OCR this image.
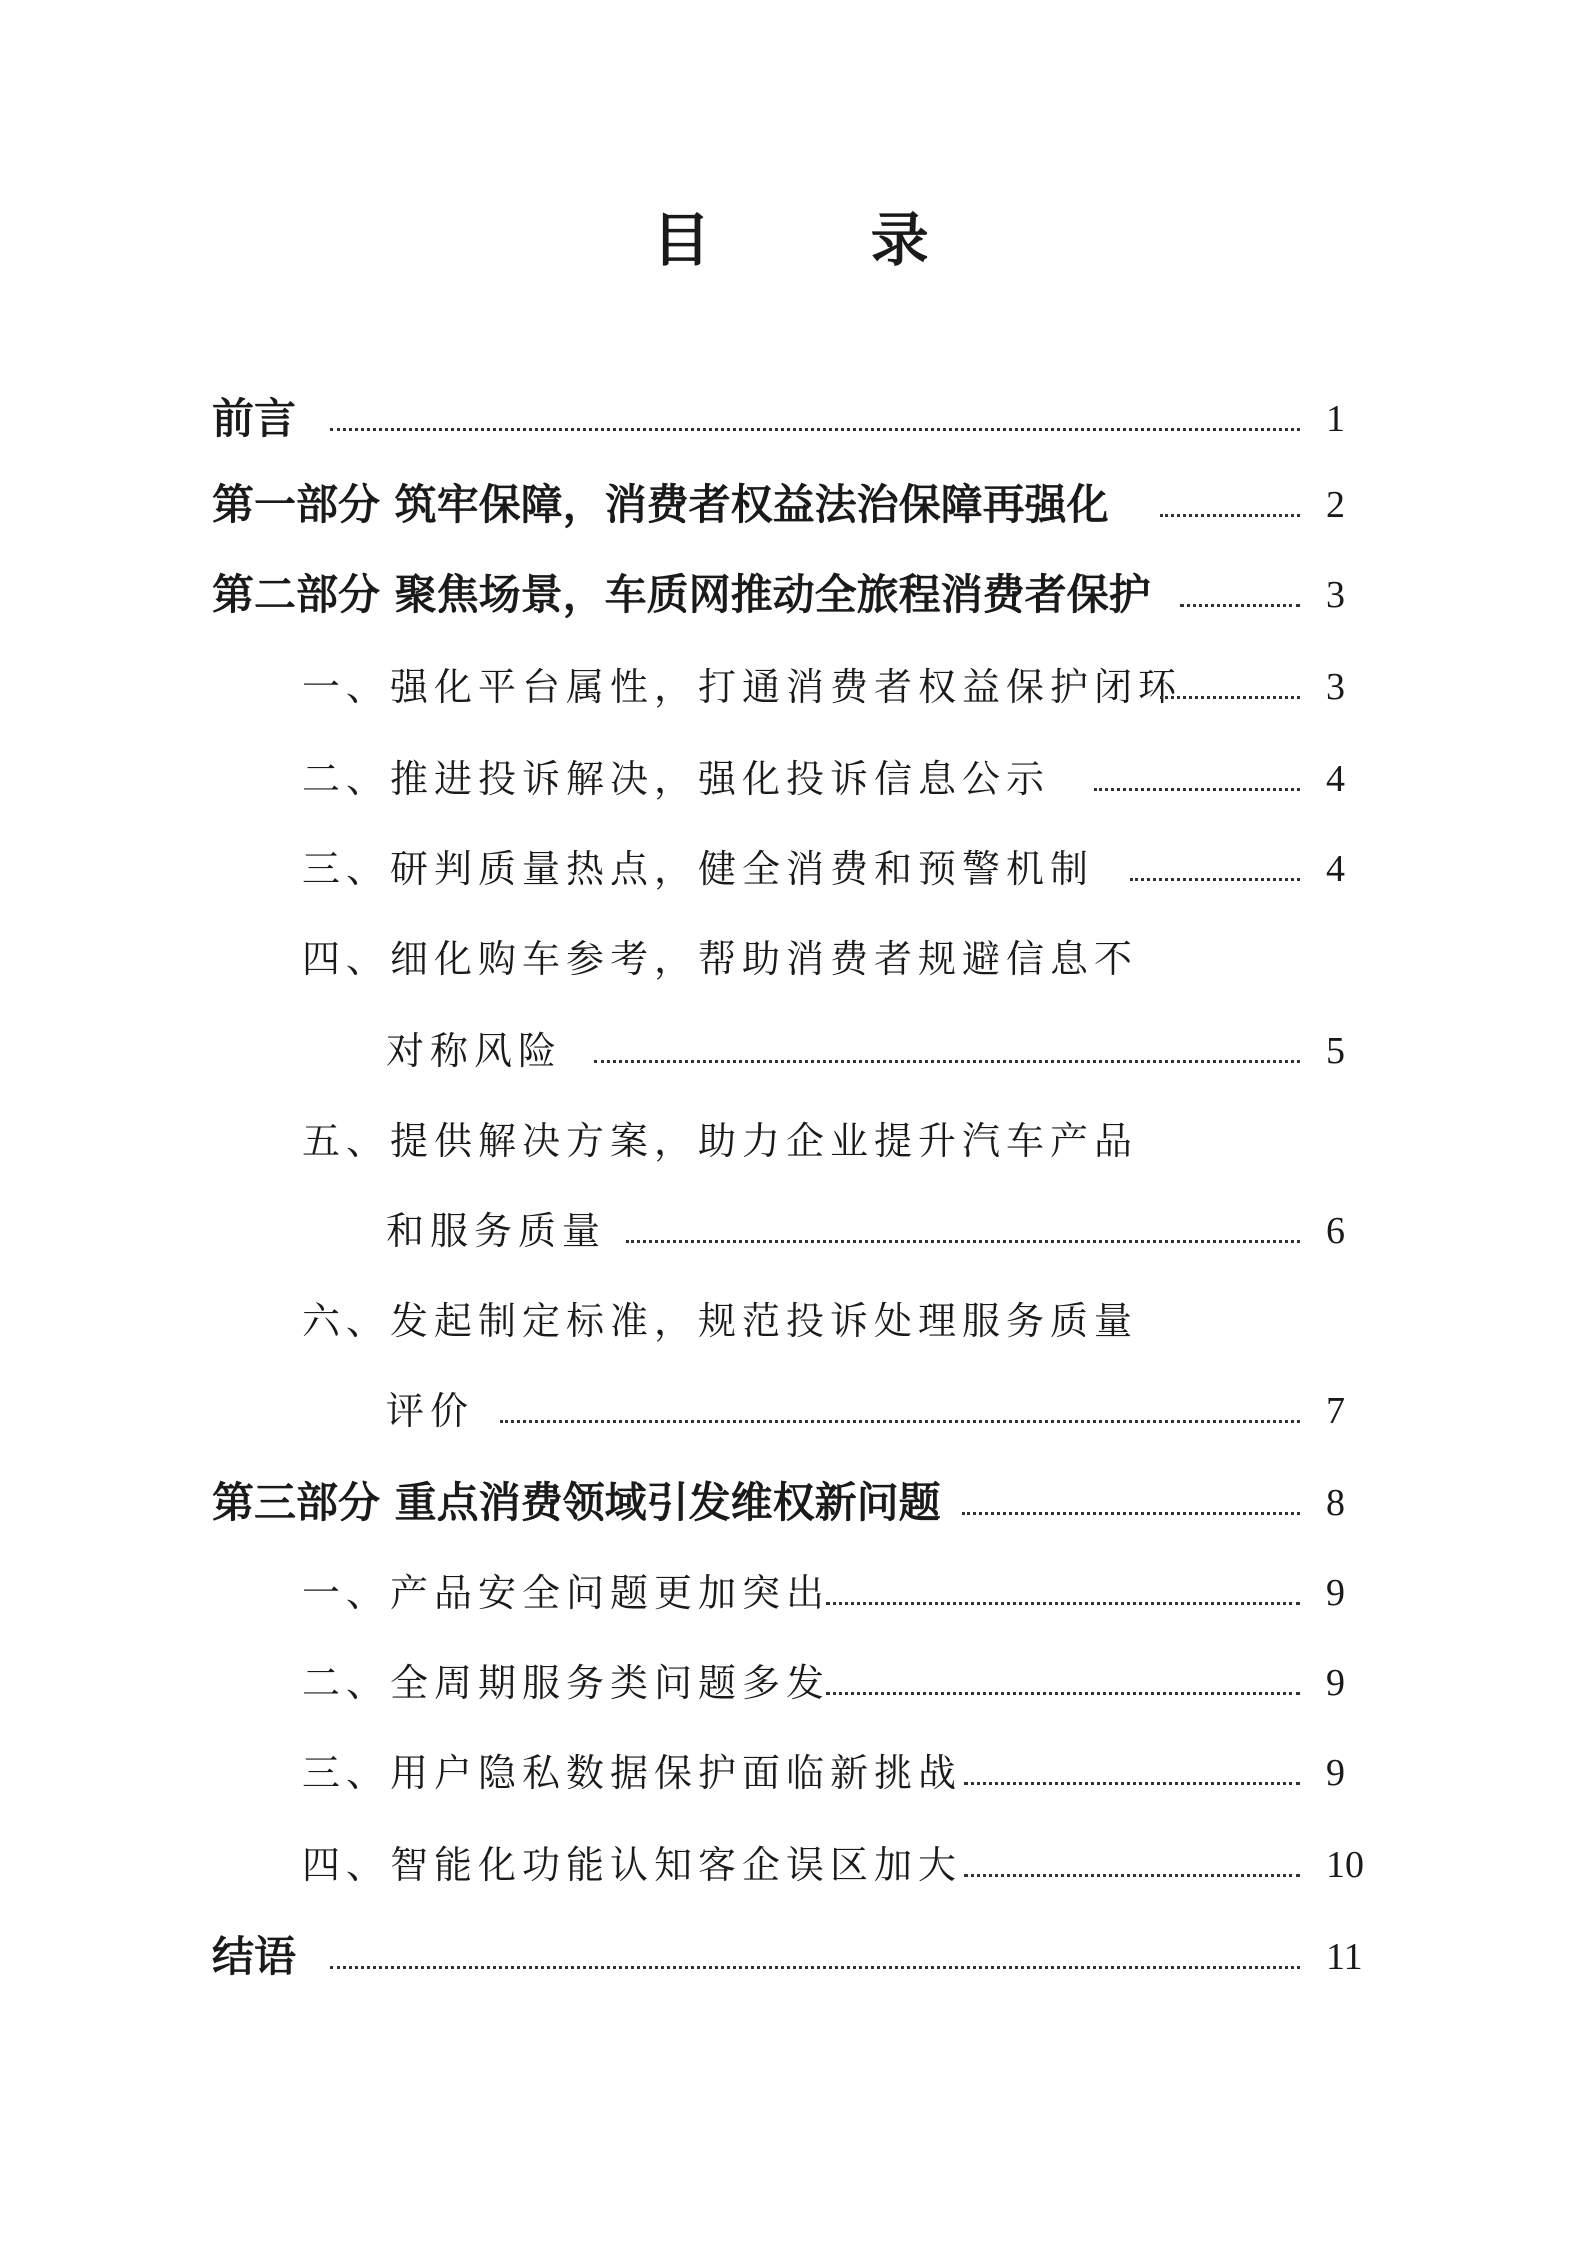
目 录
前言	1
第一部分 筑牢保障，消费者权益法治保障再强化	2
第二部分 聚焦场景，车质网推动全旅程消费者保护	3
一、强化平台属性，打通消费者权益保护闭环	3
二、推进投诉解决，强化投诉信息公示	4
三、研判质量热点，健全消费和预警机制	4
四、细化购车参考，帮助消费者规避信息不
对称风险	5
五、提供解决方案，助力企业提升汽车产品
和服务质量	6
六、发起制定标准，规范投诉处理服务质量
评价	7
第三部分 重点消费领域引发维权新问题	8
一、产品安全问题更加突出	9
二、全周期服务类问题多发	9
三、用户隐私数据保护面临新挑战	9
四、智能化功能认知客企误区加大	10
结语	11
